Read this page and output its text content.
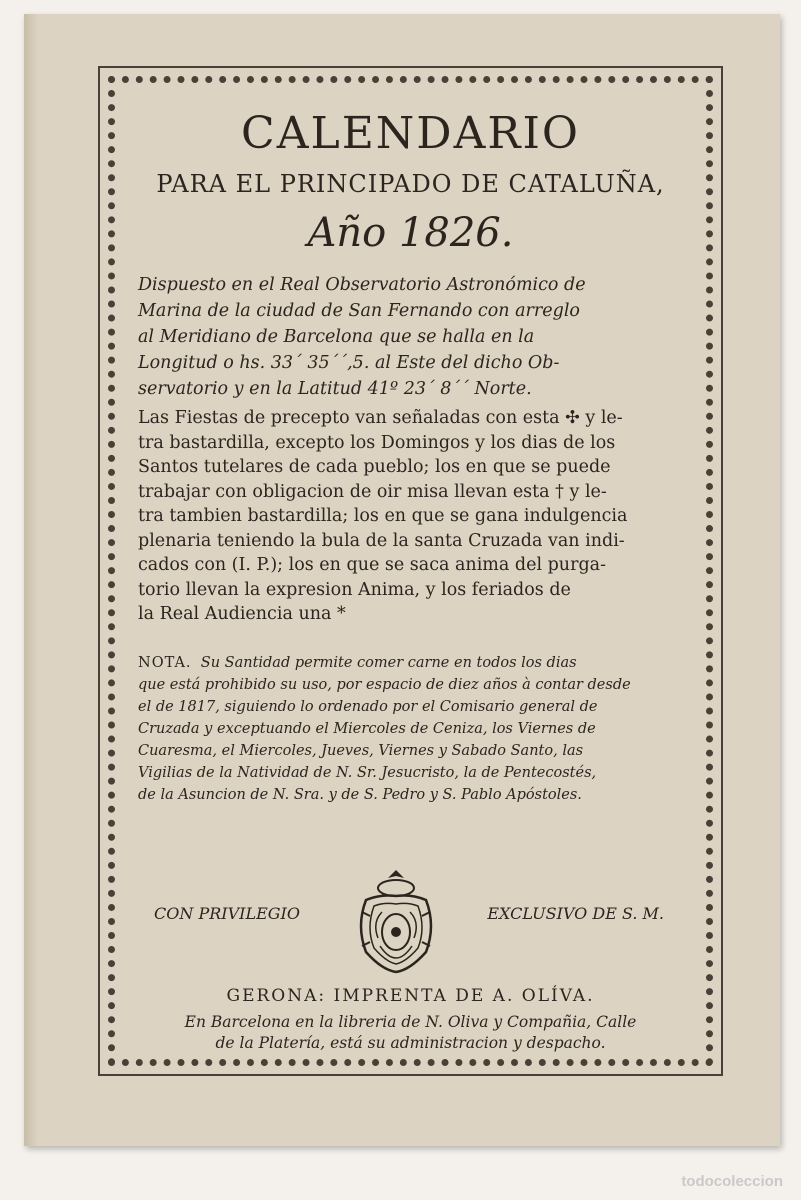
CALENDARIO
PARA EL PRINCIPADO DE CATALUÑA,
Año 1826.
Dispuesto en el Real Observatorio Astronómico de
Marina de la ciudad de San Fernando con arreglo
al Meridiano de Barcelona que se halla en la
Longitud o hs. 33´ 35´´,5. al Este del dicho Ob-
servatorio y en la Latitud 41º 23´ 8´´ Norte.
Las Fiestas de precepto van señaladas con esta ✣ y le-
tra bastardilla, excepto los Domingos y los dias de los
Santos tutelares de cada pueblo; los en que se puede
trabajar con obligacion de oir misa llevan esta † y le-
tra tambien bastardilla; los en que se gana indulgencia
plenaria teniendo la bula de la santa Cruzada van indi-
cados con (I. P.); los en que se saca anima del purga-
torio llevan la expresion Anima, y los feriados de
la Real Audiencia una *
NOTA. Su Santidad permite comer carne en todos los dias
que está prohibido su uso, por espacio de diez años à contar desde
el de 1817, siguiendo lo ordenado por el Comisario general de
Cruzada y exceptuando el Miercoles de Ceniza, los Viernes de
Cuaresma, el Miercoles, Jueves, Viernes y Sabado Santo, las
Vigilias de la Natividad de N. Sr. Jesucristo, la de Pentecostés,
de la Asuncion de N. Sra. y de S. Pedro y S. Pablo Apóstoles.
CON PRIVILEGIO	EXCLUSIVO DE S. M.
GERONA: IMPRENTA DE A. OLÍVA.
En Barcelona en la libreria de N. Oliva y Compañia, Calle
de la Platería, está su administracion y despacho.
todocoleccion
